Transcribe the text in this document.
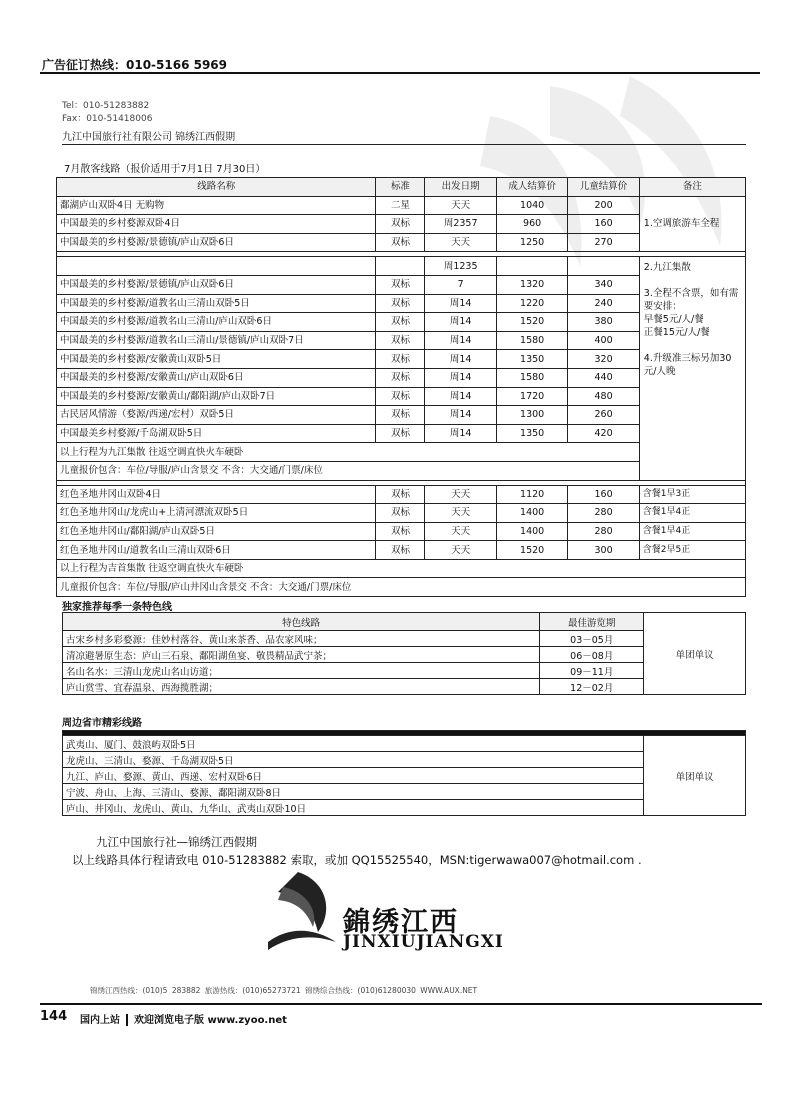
广告征订热线：010-5166 5969
Tel：010-51283882
Fax：010-51418006
九江中国旅行社有限公司 锦绣江西假期
7月散客线路（报价适用于7月1日 7月30日）
线路名称	标准	出发日期	成人结算价	儿童结算价	备注
鄱湖庐山双卧4日 无购物	二星	天天	1040	200	1.空调旅游车全程
中国最美的乡村婺源双卧4日	双标	周2357	960	160	
中国最美的乡村婺源/景德镇/庐山双卧6日	双标	天天	1250	270	

		周1235			2.九江集散

3.全程不含票，如有需要安排：
早餐5元/人/餐
正餐15元/人/餐

4.升级准三标另加30元/人晚
中国最美的乡村婺源/景德镇/庐山双卧6日	双标	7	1320	340	
中国最美的乡村婺源/道教名山三清山双卧5日	双标	周14	1220	240	
中国最美的乡村婺源/道教名山三清山/庐山双卧6日	双标	周14	1520	380	
中国最美的乡村婺源/道教名山三清山/景德镇/庐山双卧7日	双标	周14	1580	400	
中国最美的乡村婺源/安徽黄山双卧5日	双标	周14	1350	320	
中国最美的乡村婺源/安徽黄山/庐山双卧6日	双标	周14	1580	440	
中国最美的乡村婺源/安徽黄山/鄱阳湖/庐山双卧7日	双标	周14	1720	480	
古民居风情游（婺源/西递/宏村）双卧5日	双标	周14	1300	260	
中国最美乡村婺源/千岛湖双卧5日	双标	周14	1350	420	
以上行程为九江集散 往返空调直快火车硬卧					
儿童报价包含：车位/导服/庐山含景交 不含：大交通/门票/床位					

红色圣地井冈山双卧4日	双标	天天	1120	160	含餐1早3正
红色圣地井冈山/龙虎山+上清河漂流双卧5日	双标	天天	1400	280	含餐1早4正
红色圣地井冈山/鄱阳湖/庐山双卧5日	双标	天天	1400	280	含餐1早4正
红色圣地井冈山/道教名山三清山双卧6日	双标	天天	1520	300	含餐2早5正
以上行程为吉首集散 往返空调直快火车硬卧					
儿童报价包含：车位/导服/庐山井冈山含景交 不含：大交通/门票/床位					
独家推荐每季一条特色线
特色线路	最佳游览期	单团单议
古宋乡村多彩婺源：佳妙村落谷、黄山来茶香、品农家风味；	03－05月	
清凉避暑原生态：庐山三石泉、鄱阳湖鱼宴、敬畏精品武宁茶；	06－08月	
名山名水：三清山龙虎山名山访道；	09－11月	
庐山赏雪、宜春温泉、西海揽胜湖；	12－02月	
周边省市精彩线路

武夷山、厦门、鼓浪屿双卧5日	单团单议
龙虎山、三清山、婺源、千岛湖双卧5日
九江、庐山、婺源、黄山、西递、宏村双卧6日
宁波、舟山、上海、三清山、婺源、鄱阳湖双卧8日
庐山、井冈山、龙虎山、黄山、九华山、武夷山双卧10日
九江中国旅行社—锦绣江西假期
以上线路具体行程请致电 010-51283882 索取，或加 QQ15525540，MSN:tigerwawa007@hotmail.com .
錦绣江西
JINXIUJIANGXI
锦绣江西热线：(010)5 283882 旅游热线：(010)65273721 锦绣综合热线：(010)61280030 WWW.AUX.NET
144 国内上站 欢迎浏览电子版 www.zyoo.net
